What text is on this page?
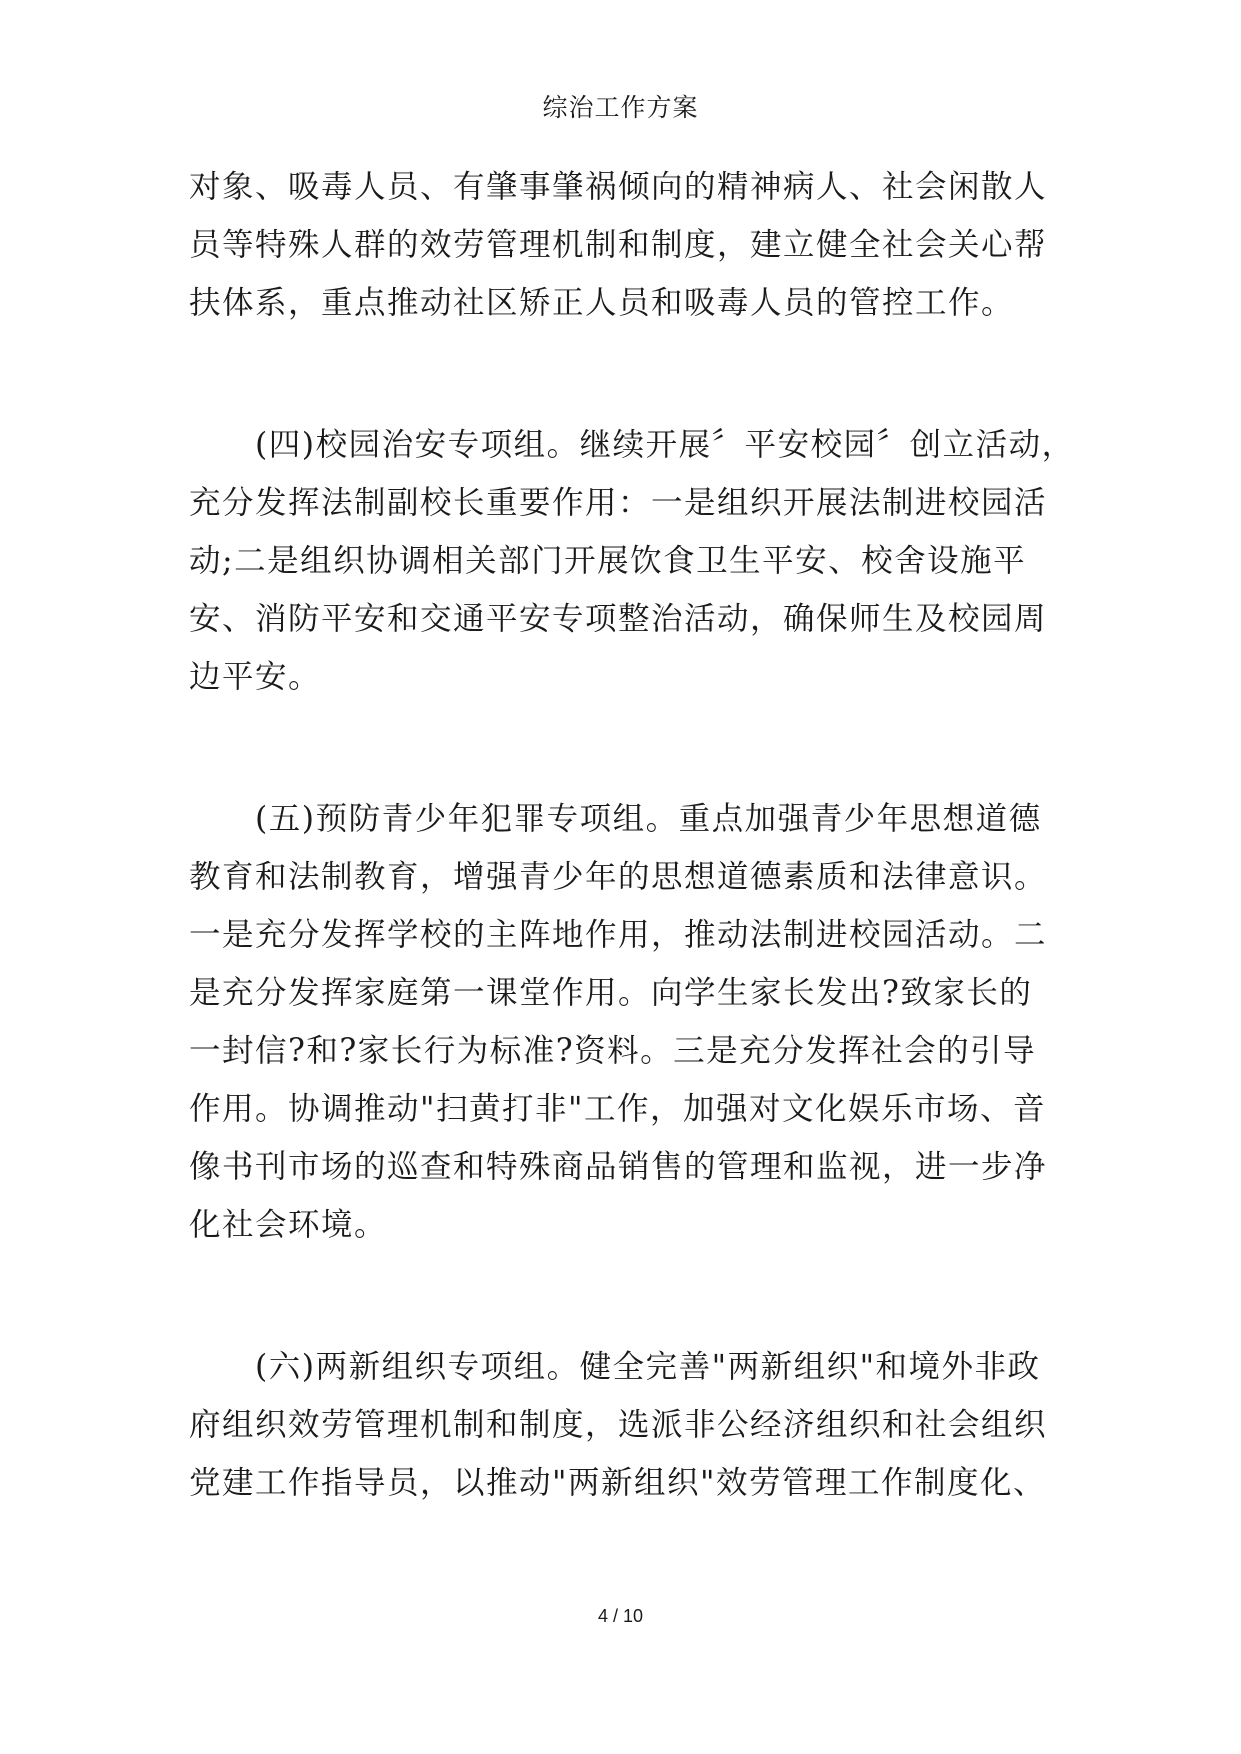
综治工作方案
对象、吸毒人员、有肇事肇祸倾向的精神病人、社会闲散人
员等特殊人群的效劳管理机制和制度，建立健全社会关心帮
扶体系，重点推动社区矫正人员和吸毒人员的管控工作。
　　(四)校园治安专项组。继续开展〞平安校园〞创立活动，
充分发挥法制副校长重要作用：一是组织开展法制进校园活
动;二是组织协调相关部门开展饮食卫生平安、校舍设施平
安、消防平安和交通平安专项整治活动，确保师生及校园周
边平安。
　　(五)预防青少年犯罪专项组。重点加强青少年思想道德
教育和法制教育，增强青少年的思想道德素质和法律意识。
一是充分发挥学校的主阵地作用，推动法制进校园活动。二
是充分发挥家庭第一课堂作用。向学生家长发出?致家长的
一封信?和?家长行为标准?资料。三是充分发挥社会的引导
作用。协调推动"扫黄打非"工作，加强对文化娱乐市场、音
像书刊市场的巡查和特殊商品销售的管理和监视，进一步净
化社会环境。
　　(六)两新组织专项组。健全完善"两新组织"和境外非政
府组织效劳管理机制和制度，选派非公经济组织和社会组织
党建工作指导员，以推动"两新组织"效劳管理工作制度化、
4 / 10
